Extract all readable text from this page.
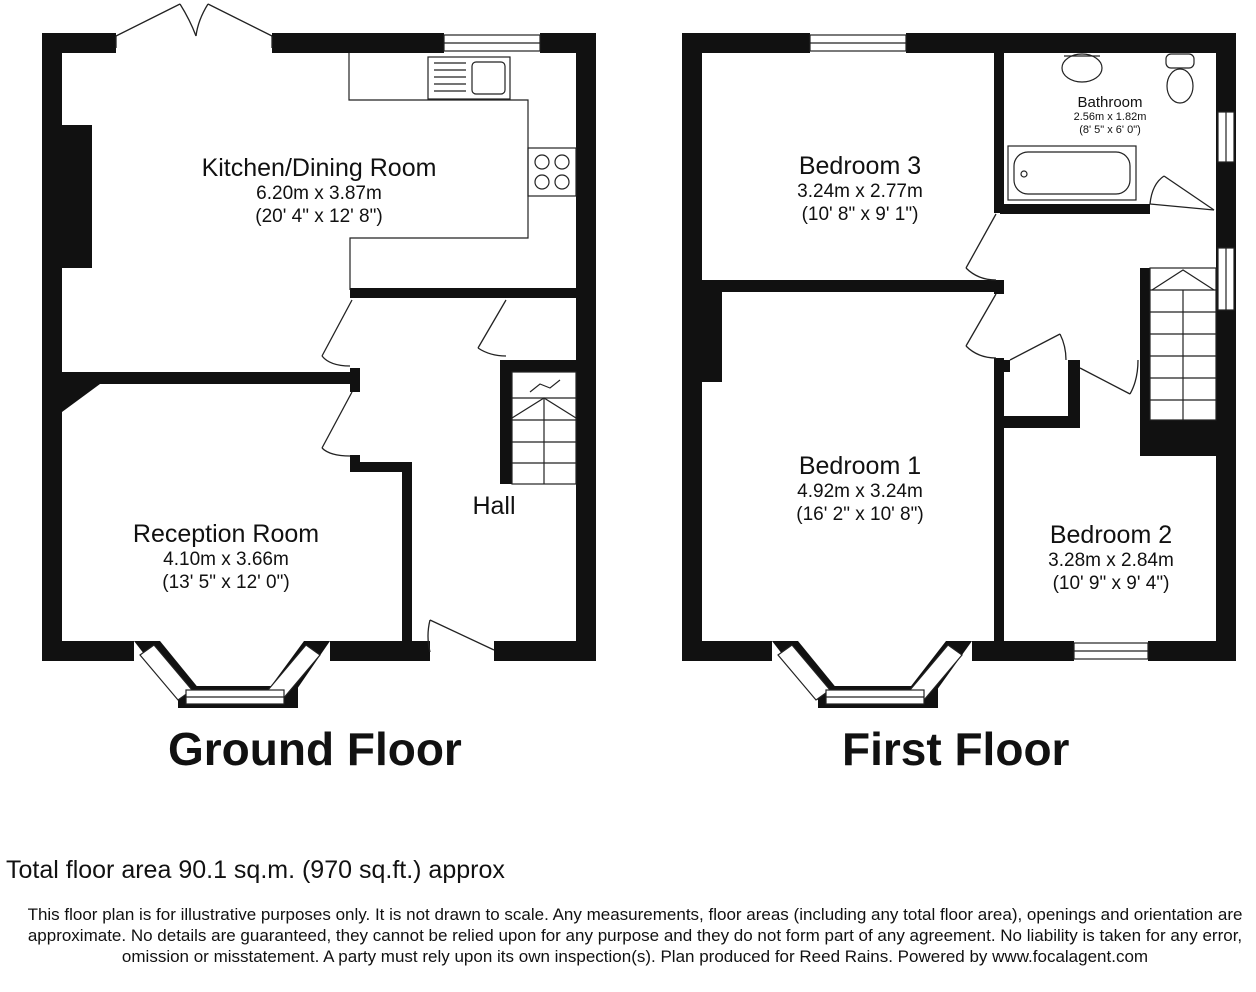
Kitchen/Dining Room
6.20m x 3.87m
(20' 4" x 12' 8")
Reception Room
4.10m x 3.66m
(13' 5" x 12' 0")
Hall
Bedroom 3
3.24m x 2.77m
(10' 8" x 9' 1")
Bathroom
2.56m x 1.82m
(8' 5" x 6' 0")
Bedroom 1
4.92m x 3.24m
(16' 2" x 10' 8")
Bedroom 2
3.28m x 2.84m
(10' 9" x 9' 4")
Ground Floor	First Floor
Total floor area 90.1 sq.m. (970 sq.ft.) approx
This floor plan is for illustrative purposes only. It is not drawn to scale. Any measurements, floor areas (including any total floor area), openings and orientation are approximate. No details are guaranteed, they cannot be relied upon for any purpose and they do not form part of any agreement. No liability is taken for any error, omission or misstatement. A party must rely upon its own inspection(s). Plan produced for Reed Rains. Powered by www.focalagent.com
